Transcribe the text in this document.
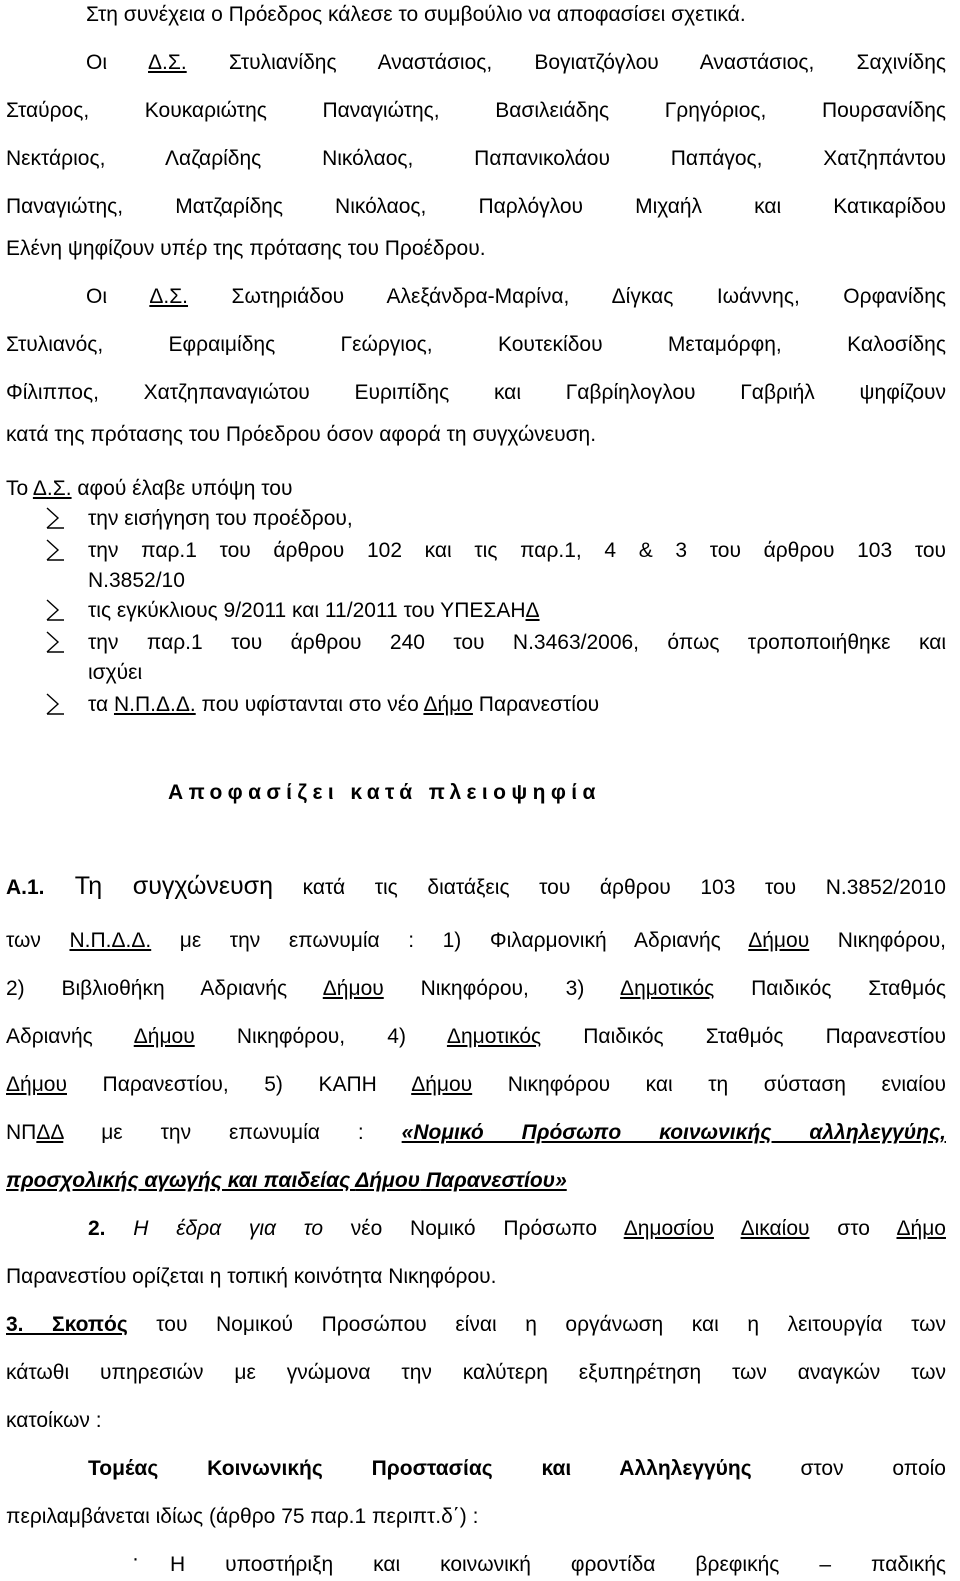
Στη συνέχεια ο Πρόεδρος κάλεσε το συμβούλιο να αποφασίσει σχετικά.
Οι Δ.Σ. Στυλιανίδης Αναστάσιος, Βογιατζόγλου Αναστάσιος, Σαχινίδης
Σταύρος, Κουκαριώτης Παναγιώτης, Βασιλειάδης Γρηγόριος, Πουρσανίδης
Νεκτάριος, Λαζαρίδης Νικόλαος, Παπανικολάου Παπάγος, Χατζηπάντου
Παναγιώτης, Ματζαρίδης Νικόλαος, Παρλόγλου Μιχαήλ και Κατικαρίδου
Ελένη ψηφίζουν υπέρ της πρότασης του Προέδρου.
Οι Δ.Σ. Σωτηριάδου Αλεξάνδρα-Μαρίνα, Δίγκας Ιωάννης, Ορφανίδης
Στυλιανός, Εφραιμίδης Γεώργιος, Κουτεκίδου Μεταμόρφη, Καλοσίδης
Φίλιππος, Χατζηπαναγιώτου Ευριπίδης και Γαβρίηλογλου Γαβριήλ ψηφίζουν
κατά της πρότασης του Πρόεδρου όσον αφορά τη συγχώνευση.
Το Δ.Σ. αφού έλαβε υπόψη του
την εισήγηση του προέδρου,
την παρ.1 του άρθρου 102 και τις παρ.1, 4 & 3 του άρθρου 103 του
Ν.3852/10
τις εγκύκλιους 9/2011 και 11/2011 του ΥΠΕΣΑΗΔ
την παρ.1 του άρθρου 240 του Ν.3463/2006, όπως τροποποιήθηκε και
ισχύει
τα Ν.Π.Δ.Δ. που υφίστανται στο νέο Δήμο Παρανεστίου
Αποφασίζει κατά πλειοψηφία
Α.1. Τη συγχώνευση κατά τις διατάξεις του άρθρου 103 του Ν.3852/2010
των Ν.Π.Δ.Δ. με την επωνυμία : 1) Φιλαρμονική Αδριανής Δήμου Νικηφόρου,
2) Βιβλιοθήκη Αδριανής Δήμου Νικηφόρου, 3) Δημοτικός Παιδικός Σταθμός
Αδριανής Δήμου Νικηφόρου, 4) Δημοτικός Παιδικός Σταθμός Παρανεστίου
Δήμου Παρανεστίου, 5) ΚΑΠΗ Δήμου Νικηφόρου και τη σύσταση ενιαίου
ΝΠΔΔ με την επωνυμία : «Νομικό Πρόσωπο κοινωνικής αλληλεγγύης,
προσχολικής αγωγής και παιδείας Δήμου Παρανεστίου»
2. Η έδρα για το νέο Νομικό Πρόσωπο Δημοσίου Δικαίου στο Δήμο
Παρανεστίου ορίζεται η τοπική κοινότητα Νικηφόρου.
3. Σκοπός του Νομικού Προσώπου είναι η οργάνωση και η λειτουργία των
κάτωθι υπηρεσιών με γνώμονα την καλύτερη εξυπηρέτηση των αναγκών των
κατοίκων :
Τομέας Κοινωνικής Προστασίας και Αλληλεγγύης στον οποίο
περιλαμβάνεται ιδίως (άρθρο 75 παρ.1 περιπτ.δ΄) :
· Η υποστήριξη και κοινωνική φροντίδα βρεφικής – παδικής
